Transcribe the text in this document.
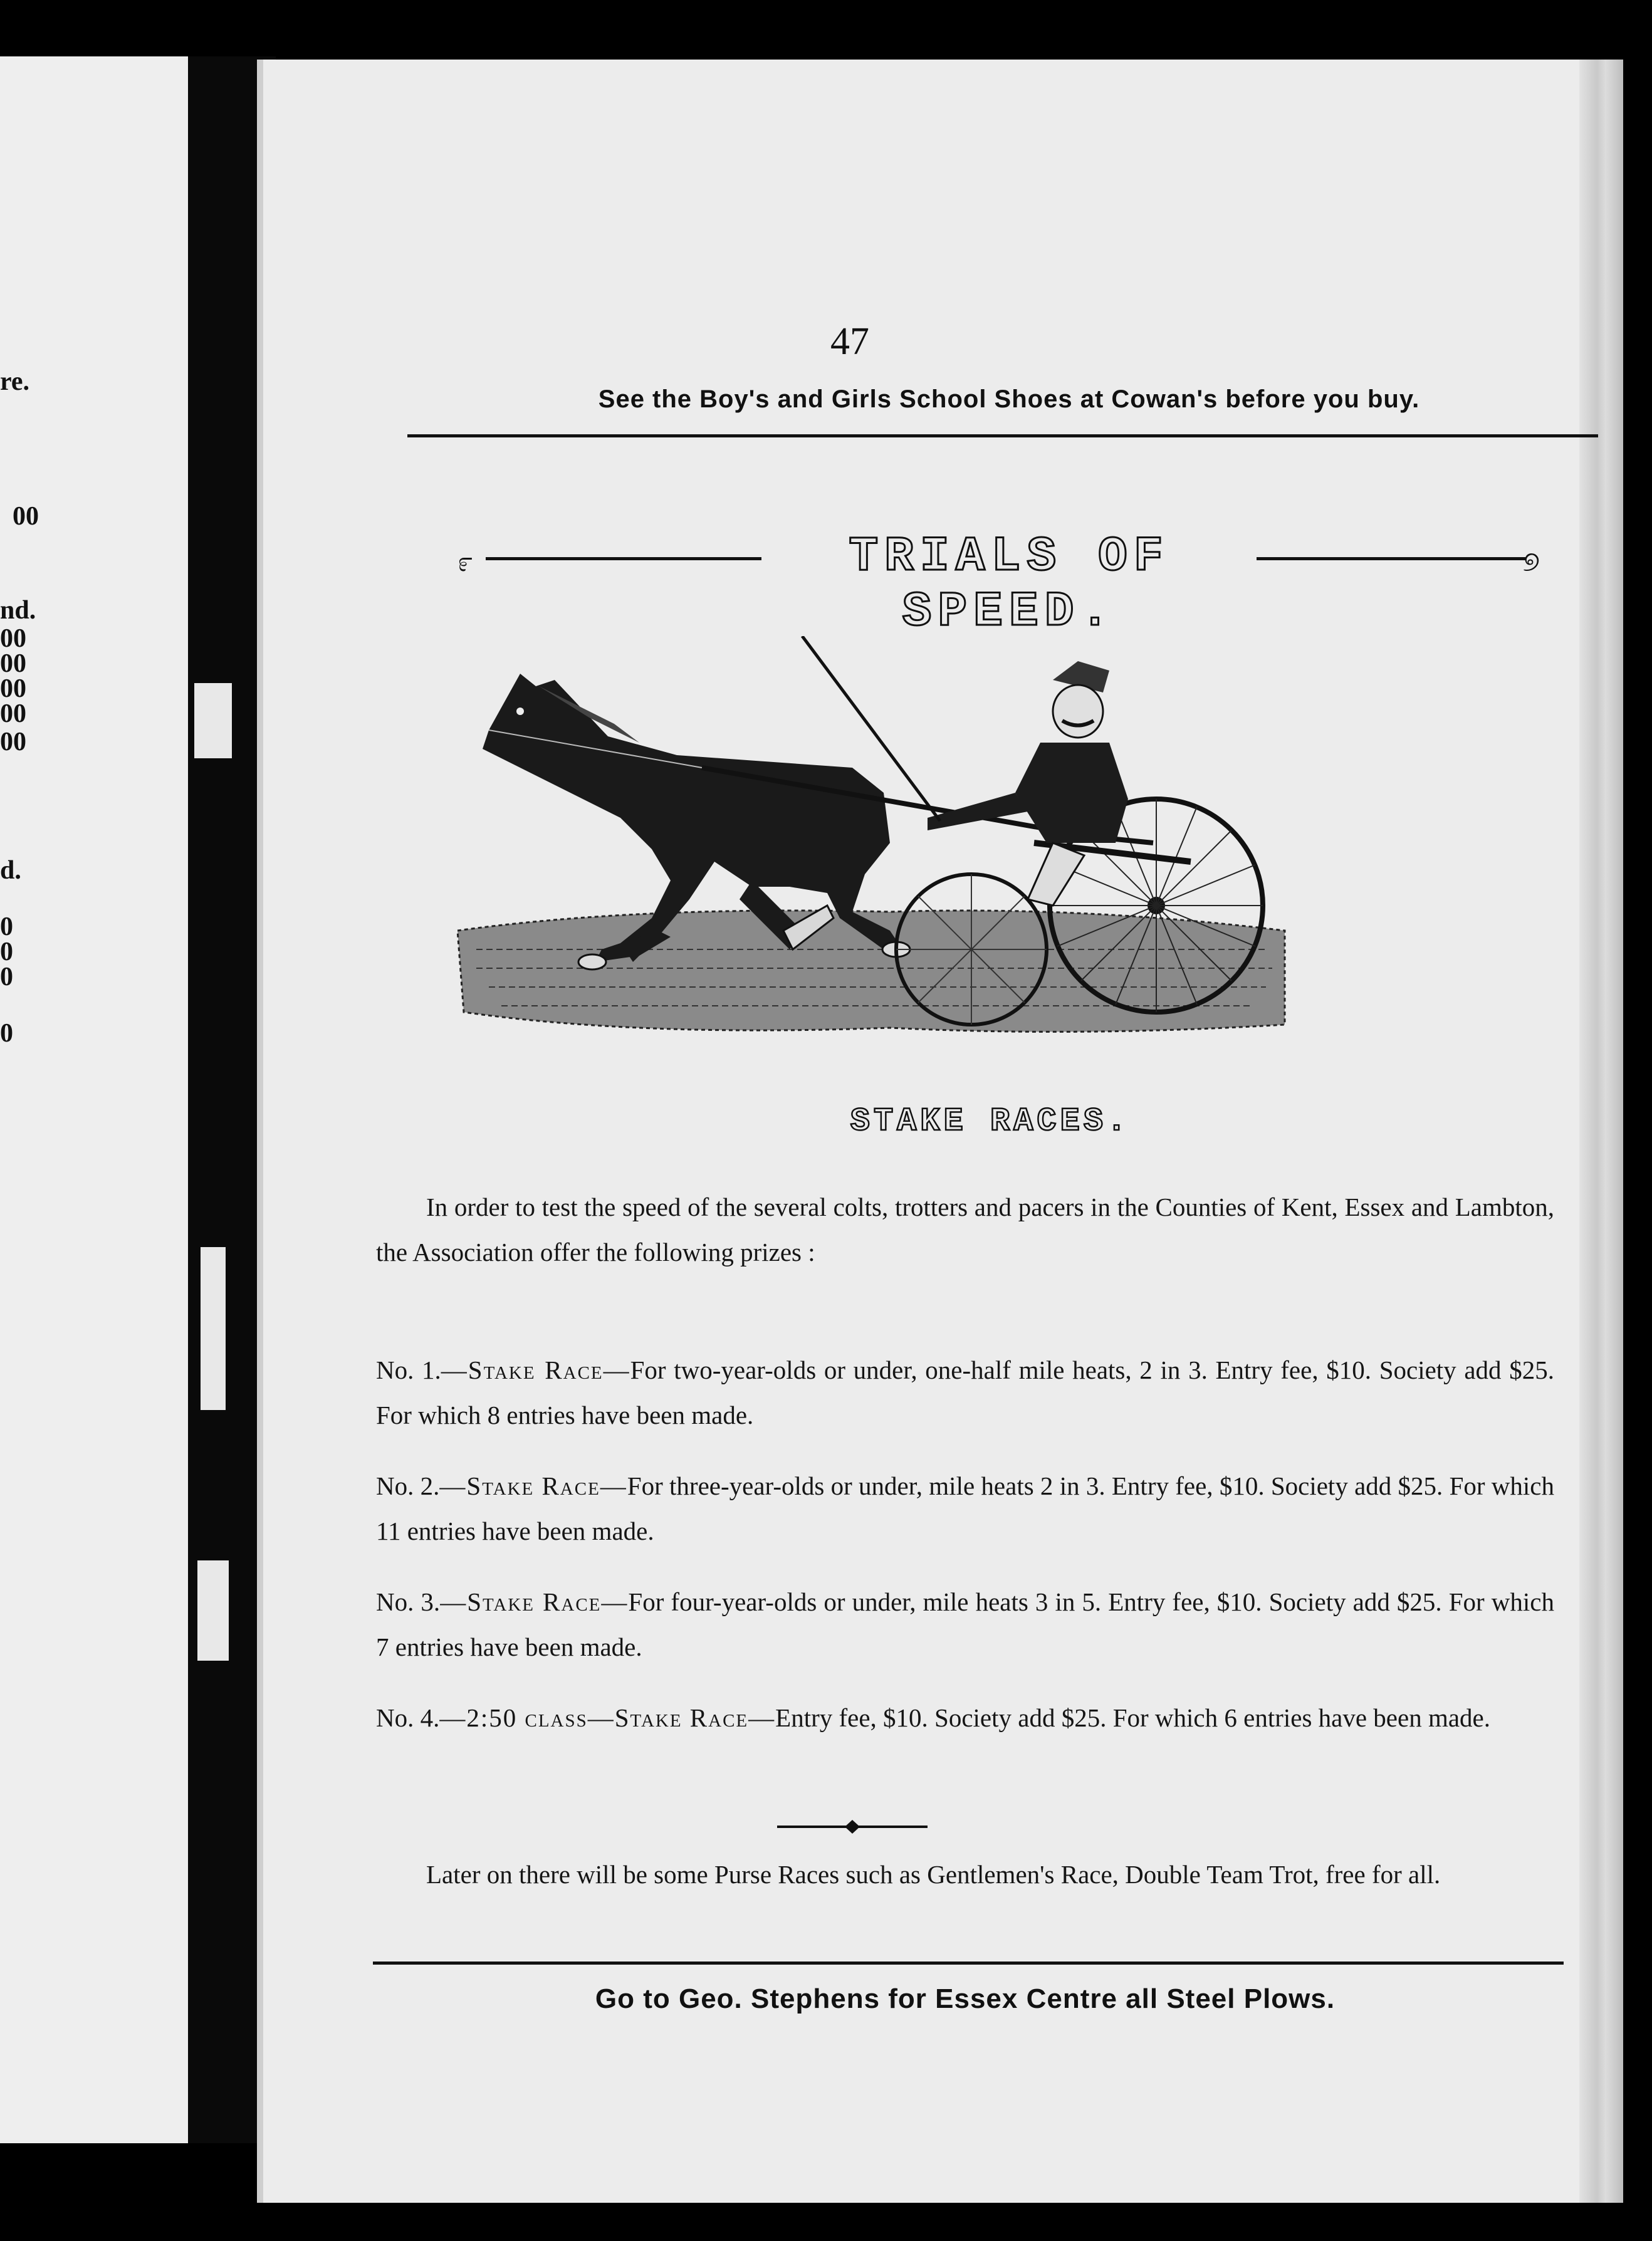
re.
00
nd.
00
00
00
00
00
d.
0
0
0
0
47
See the Boy's and Girls School Shoes at Cowan's before you buy.
೯	TRIALS OF SPEED.
୭
STAKE RACES.
In order to test the speed of the several colts, trotters and pacers in the Counties of Kent, Essex and Lambton, the Association offer the following prizes :
No. 1.—Stake Race—For two-year-olds or under, one-half mile heats, 2 in 3. Entry fee, $10. Society add $25. For which 8 entries have been made.
No. 2.—Stake Race—For three-year-olds or under, mile heats 2 in 3. Entry fee, $10. Society add $25. For which 11 entries have been made.
No. 3.—Stake Race—For four-year-olds or under, mile heats 3 in 5. Entry fee, $10. Society add $25. For which 7 entries have been made.
No. 4.—2:50 class—Stake Race—Entry fee, $10. Society add $25. For which 6 entries have been made.
Later on there will be some Purse Races such as Gentlemen's Race, Double Team Trot, free for all.
Go to Geo. Stephens for Essex Centre all Steel Plows.
